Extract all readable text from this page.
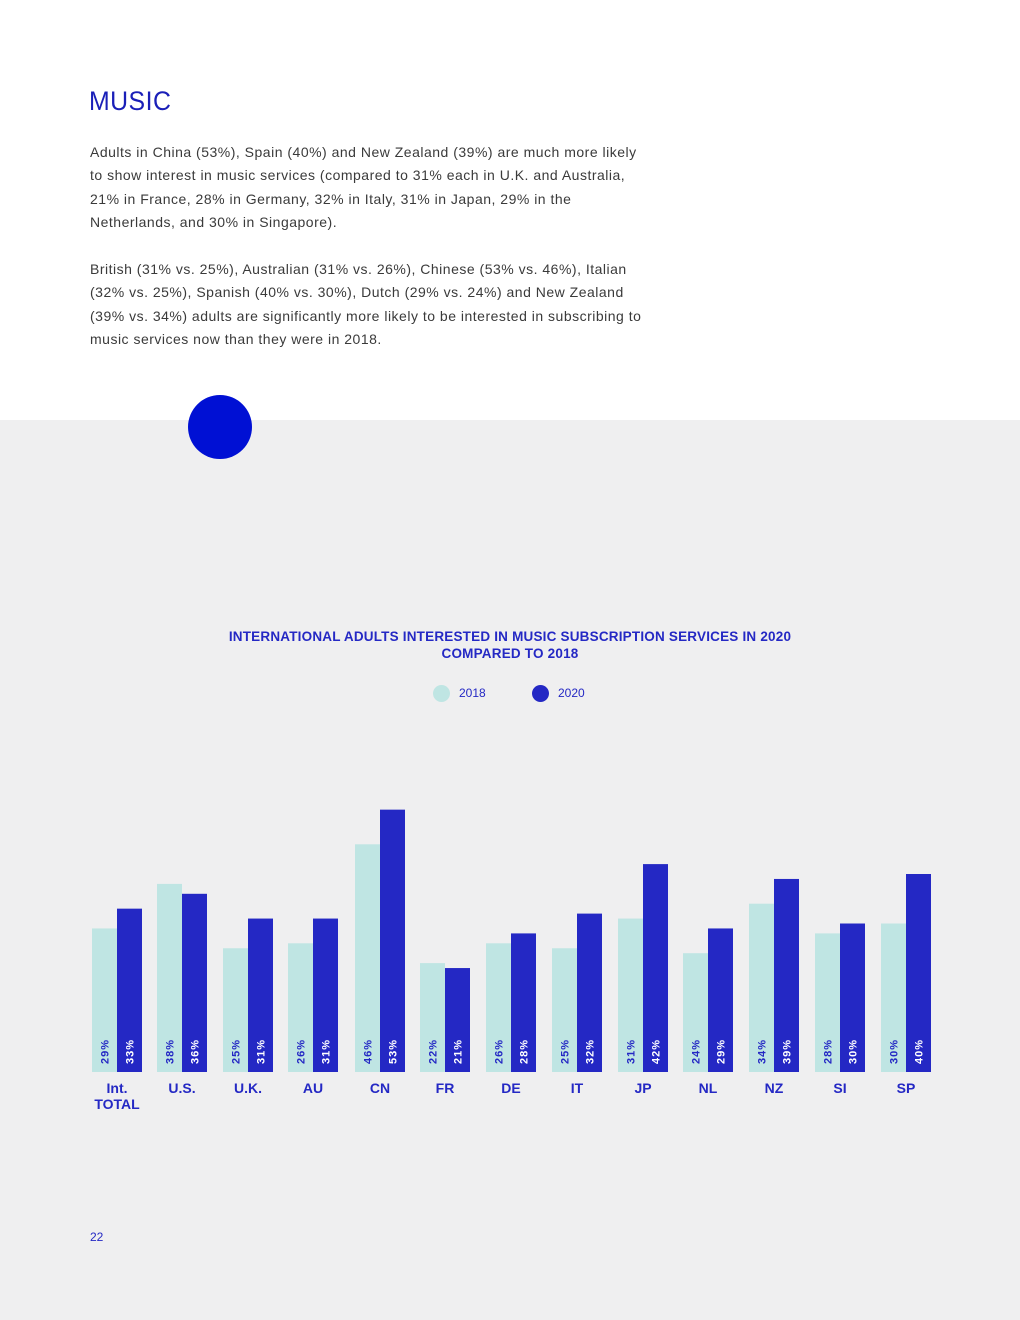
MUSIC

Adults in China (53%), Spain (40%) and New Zealand (39%) are much more likely to show interest in music services (compared to 31% each in U.K. and Australia, 21% in France, 28% in Germany, 32% in Italy, 31% in Japan, 29% in the Netherlands, and 30% in Singapore).

British (31% vs. 25%), Australian (31% vs. 26%), Chinese (53% vs. 46%), Italian (32% vs. 25%), Spanish (40% vs. 30%), Dutch (29% vs. 24%) and New Zealand (39% vs. 34%) adults are significantly more likely to be interested in subscribing to music services now than they were in 2018.

INTERNATIONAL ADULTS INTERESTED IN MUSIC SUBSCRIPTION SERVICES IN 2020 COMPARED TO 2018
2018	2020
29% 33%
Int.
TOTAL
38% 36%
U.S.
25% 31%
U.K.
26% 31%
AU
46% 53%
CN
22% 21%
FR
26% 28%
DE
25% 32%
IT
31% 42%
JP
24% 29%
NL
34% 39%
NZ
28% 30%
SI
30% 40%
SP
22
